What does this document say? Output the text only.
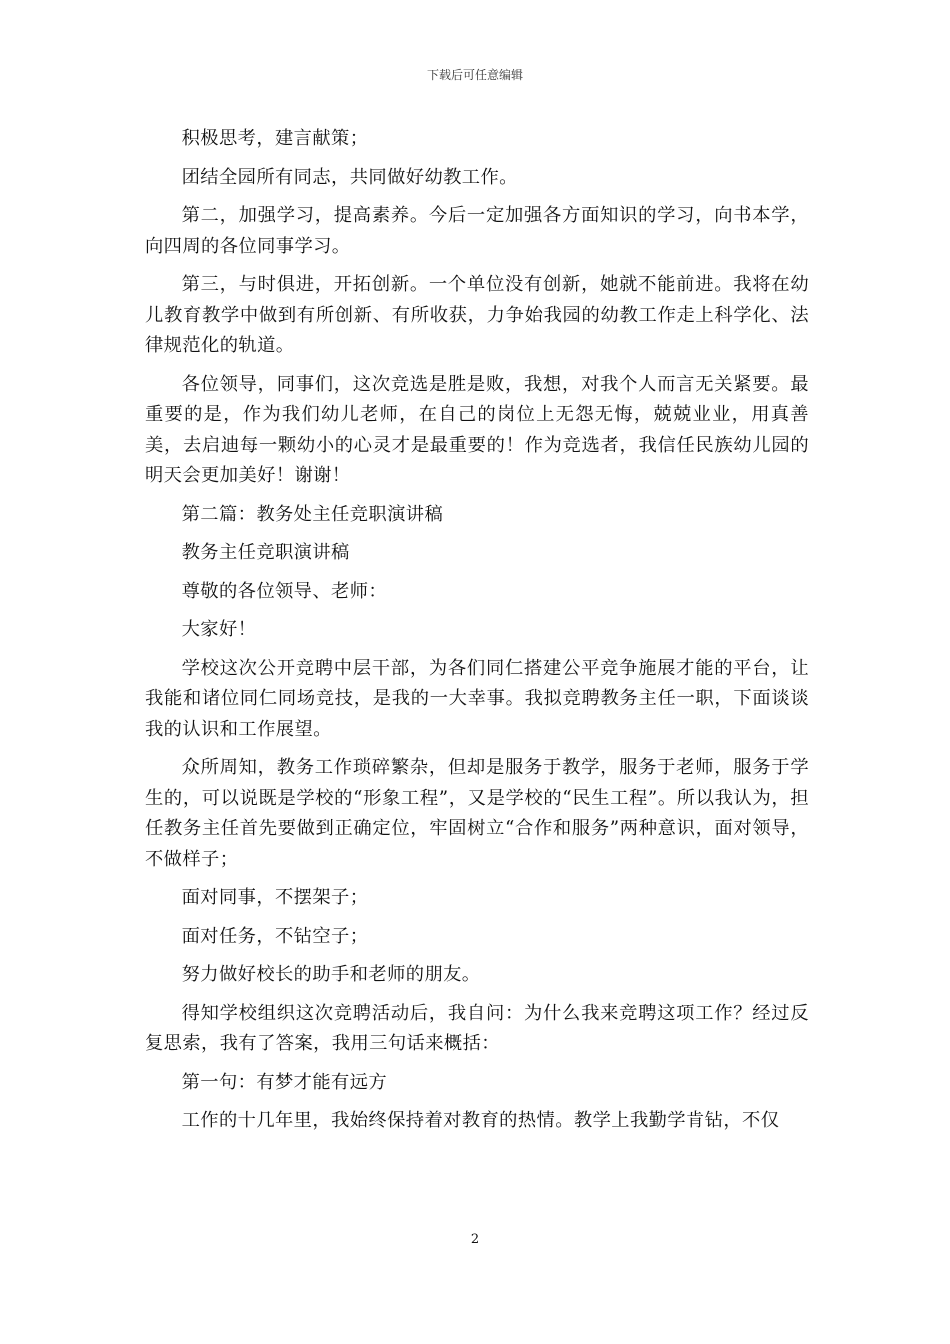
下载后可任意编辑

积极思考，建言献策；

团结全园所有同志，共同做好幼教工作。

第二，加强学习，提高素养。今后一定加强各方面知识的学习，向书本学，向四周的各位同事学习。

第三，与时俱进，开拓创新。一个单位没有创新，她就不能前进。我将在幼儿教育教学中做到有所创新、有所收获，力争始我园的幼教工作走上科学化、法律规范化的轨道。

各位领导，同事们，这次竞选是胜是败，我想，对我个人而言无关紧要。最重要的是，作为我们幼儿老师，在自己的岗位上无怨无悔，兢兢业业，用真善美，去启迪每一颗幼小的心灵才是最重要的！作为竞选者，我信任民族幼儿园的明天会更加美好！谢谢！

第二篇：教务处主任竞职演讲稿

教务主任竞职演讲稿

尊敬的各位领导、老师：

大家好！

学校这次公开竞聘中层干部，为各们同仁搭建公平竞争施展才能的平台，让我能和诸位同仁同场竞技，是我的一大幸事。我拟竞聘教务主任一职，下面谈谈我的认识和工作展望。

众所周知，教务工作琐碎繁杂，但却是服务于教学，服务于老师，服务于学生的，可以说既是学校的“形象工程”，又是学校的“民生工程”。所以我认为，担任教务主任首先要做到正确定位，牢固树立“合作和服务”两种意识，面对领导，不做样子；

面对同事，不摆架子；

面对任务，不钻空子；

努力做好校长的助手和老师的朋友。

得知学校组织这次竞聘活动后，我自问：为什么我来竞聘这项工作？经过反复思索，我有了答案，我用三句话来概括：

第一句：有梦才能有远方

工作的十几年里，我始终保持着对教育的热情。教学上我勤学肯钻，不仅

2
